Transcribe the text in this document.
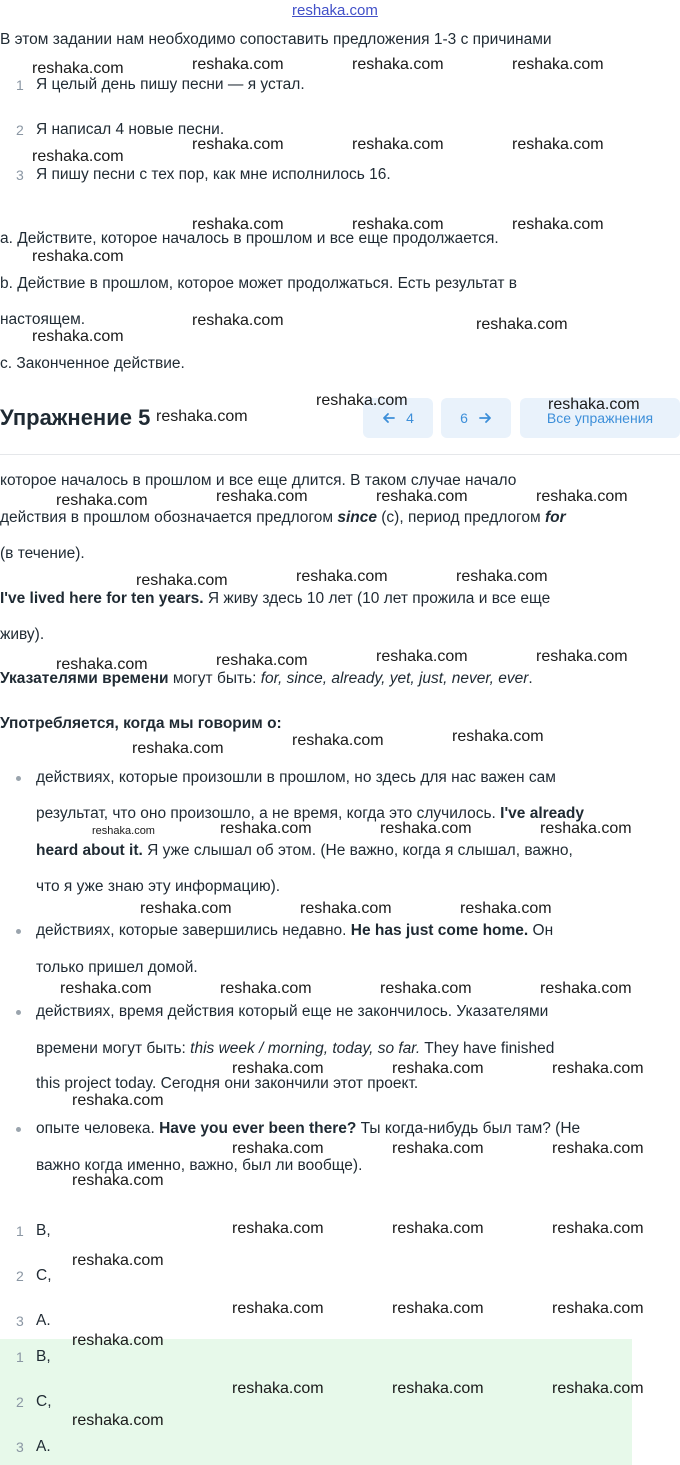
reshaka.com
В этом задании нам необходимо сопоставить предложения 1-3 с причинами
1 Я целый день пишу песни — я устал.
2 Я написал 4 новые песни.
3 Я пишу песни с тех пор, как мне исполнилось 16.
a. Действите, которое началось в прошлом и все еще продолжается.
b. Действие в прошлом, которое может продолжаться. Есть результат в
настоящем.
c. Законченное действие.
Упражнение 5	4	6	Все упражнения
которое началось в прошлом и все еще длится. В таком случае начало
действия в прошлом обозначается предлогом since (с), период предлогом for
(в течение).
I've lived here for ten years. Я живу здесь 10 лет (10 лет прожила и все еще
живу).
Указателями времени могут быть: for, since, already, yet, just, never, ever.
Употребляется, когда мы говорим о:
действиях, которые произошли в прошлом, но здесь для нас важен сам
результат, что оно произошло, а не время, когда это случилось. I've already
heard about it. Я уже слышал об этом. (Не важно, когда я слышал, важно,
что я уже знаю эту информацию).
действиях, которые завершились недавно. He has just come home. Он
только пришел домой.
действиях, время действия который еще не закончилось. Указателями
времени могут быть: this week / morning, today, so far. They have finished
this project today. Сегодня они закончили этот проект.
опыте человека. Have you ever been there? Ты когда-нибудь был там? (Не
важно когда именно, важно, был ли вообще).
1 B,
2 C,
3 A.
1 B,
2 C,
3 A.
reshaka.com	reshaka.com	reshaka.com	reshaka.com
reshaka.com	reshaka.com	reshaka.com
reshaka.com
reshaka.com	reshaka.com	reshaka.com
reshaka.com
reshaka.com	reshaka.com
reshaka.com
reshaka.com	reshaka.com
reshaka.com
reshaka.com	reshaka.com	reshaka.com
reshaka.com
reshaka.com	reshaka.com
reshaka.com
reshaka.com	reshaka.com
reshaka.com
reshaka.com
reshaka.com
reshaka.com
reshaka.com
reshaka.com	reshaka.com	reshaka.com
reshaka.com
reshaka.com	reshaka.com	reshaka.com
reshaka.com	reshaka.com	reshaka.com	reshaka.com
reshaka.com	reshaka.com	reshaka.com
reshaka.com
reshaka.com	reshaka.com	reshaka.com
reshaka.com
reshaka.com	reshaka.com	reshaka.com
reshaka.com
reshaka.com	reshaka.com	reshaka.com
reshaka.com
reshaka.com	reshaka.com	reshaka.com
reshaka.com
